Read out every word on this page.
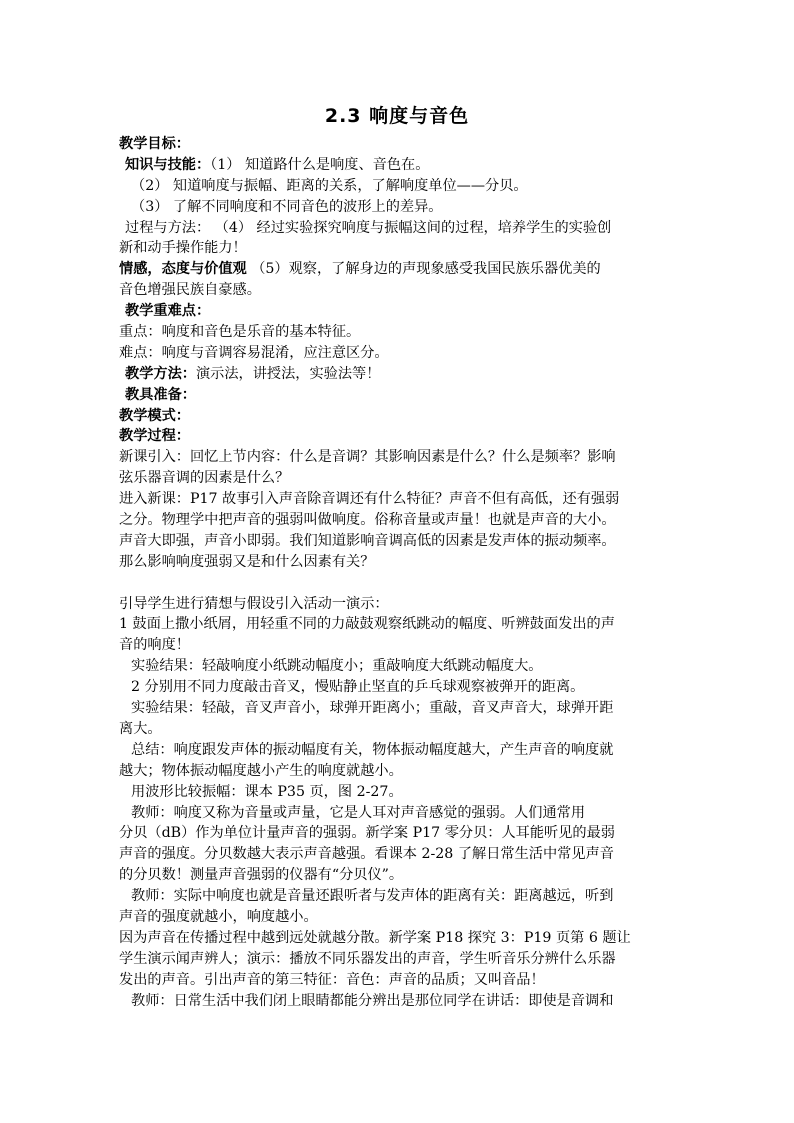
2.3 响度与音色
教学目标：
知识与技能：（1） 知道路什么是响度、音色在。
（2） 知道响度与振幅、距离的关系，了解响度单位——分贝。
（3） 了解不同响度和不同音色的波形上的差异。
过程与方法： （4） 经过实验探究响度与振幅这间的过程，培养学生的实验创
新和动手操作能力！
情感，态度与价值观 （5）观察，了解身边的声现象感受我国民族乐器优美的
音色增强民族自豪感。
教学重难点：
重点：响度和音色是乐音的基本特征。
难点：响度与音调容易混淆，应注意区分。
教学方法：演示法，讲授法，实验法等！
教具准备：
教学模式：
教学过程：
新课引入：回忆上节内容：什么是音调？其影响因素是什么？什么是频率？影响
弦乐器音调的因素是什么？
进入新课：P17 故事引入声音除音调还有什么特征？声音不但有高低，还有强弱
之分。物理学中把声音的强弱叫做响度。俗称音量或声量！也就是声音的大小。
声音大即强，声音小即弱。我们知道影响音调高低的因素是发声体的振动频率。
那么影响响度强弱又是和什么因素有关？
引导学生进行猜想与假设引入活动一演示：
1 鼓面上撒小纸屑，用轻重不同的力敲鼓观察纸跳动的幅度、听辨鼓面发出的声
音的响度！
实验结果：轻敲响度小纸跳动幅度小；重敲响度大纸跳动幅度大。
2 分别用不同力度敲击音叉，慢贴静止坚直的乒乓球观察被弹开的距离。
实验结果：轻敲，音叉声音小，球弹开距离小；重敲，音叉声音大，球弹开距
离大。
总结：响度跟发声体的振动幅度有关，物体振动幅度越大，产生声音的响度就
越大；物体振动幅度越小产生的响度就越小。
用波形比较振幅：课本 P35 页，图 2-27。
教师：响度又称为音量或声量，它是人耳对声音感觉的强弱。人们通常用
分贝（dB）作为单位计量声音的强弱。新学案 P17 零分贝：人耳能听见的最弱
声音的强度。分贝数越大表示声音越强。看课本 2-28 了解日常生活中常见声音
的分贝数！测量声音强弱的仪器有“分贝仪”。
教师：实际中响度也就是音量还跟听者与发声体的距离有关：距离越远，听到
声音的强度就越小，响度越小。
因为声音在传播过程中越到远处就越分散。新学案 P18 探究 3：P19 页第 6 题让
学生演示闻声辨人；演示：播放不同乐器发出的声音，学生听音乐分辨什么乐器
发出的声音。引出声音的第三特征：音色：声音的品质；又叫音品！
教师：日常生活中我们闭上眼睛都能分辨出是那位同学在讲话：即使是音调和
